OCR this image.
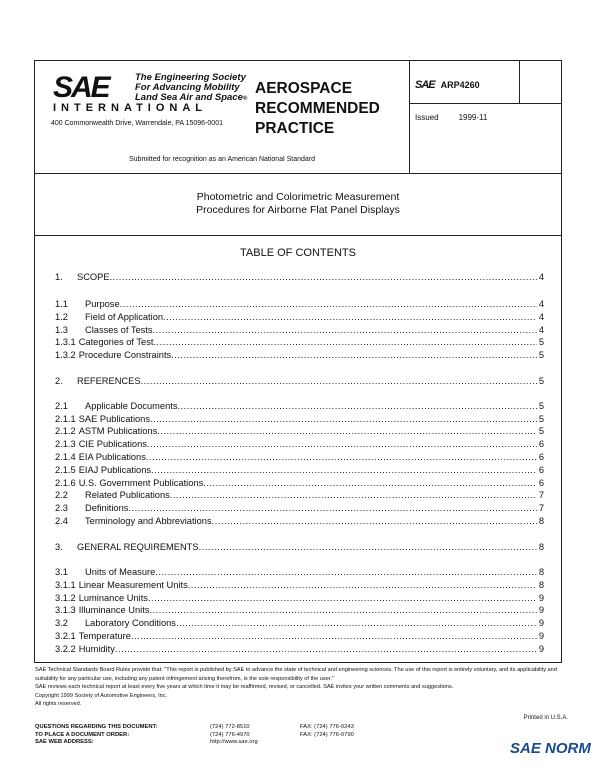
SAE	The Engineering Society
For Advancing Mobility
Land Sea Air and Space®
INTERNATIONAL
400 Commonwealth Drive, Warrendale, PA 15096-0001
AEROSPACE
RECOMMENDED
PRACTICE
Submitted for recognition as an American National Standard
SAE ARP4260
Issued	1999-11
Photometric and Colorimetric Measurement
Procedures for Airborne Flat Panel Displays
TABLE OF CONTENTS
1. SCOPE .....	4
1.1 Purpose .....	4
1.2 Field of Application .....	4
1.3 Classes of Tests .....	4
1.3.1 Categories of Test .....	5
1.3.2 Procedure Constraints .....	5
2. REFERENCES .....	5
2.1 Applicable Documents .....	5
2.1.1 SAE Publications .....	5
2.1.2 ASTM Publications .....	5
2.1.3 CIE Publications .....	6
2.1.4 EIA Publications .....	6
2.1.5 EIAJ Publications .....	6
2.1.6 U.S. Government Publications .....	6
2.2 Related Publications .....	7
2.3 Definitions .....	7
2.4 Terminology and Abbreviations .....	8
3. GENERAL REQUIREMENTS .....	8
3.1 Units of Measure .....	8
3.1.1 Linear Measurement Units .....	8
3.1.2 Luminance Units .....	9
3.1.3 Illuminance Units .....	9
3.2 Laboratory Conditions .....	9
3.2.1 Temperature .....	9
3.2.2 Humidity .....	9

SAE Technical Standards Board Rules provide that: "This report is published by SAE to advance the state of technical and engineering sciences. The use of this report is entirely voluntary, and its applicability and suitability for any particular use, including any patent infringement arising therefrom, is the sole responsibility of the user."

SAE reviews each technical report at least every five years at which time it may be reaffirmed, revised, or cancelled. SAE invites your written comments and suggestions.

Copyright 1999 Society of Automotive Engineers, Inc.

All rights reserved.

Printed in U.S.A.
QUESTIONS REGARDING THIS DOCUMENT:	(724) 772-8510	FAX: (724) 776-0243
TO PLACE A DOCUMENT ORDER:	(724) 776-4970	FAX: (724) 776-0790
SAE WEB ADDRESS:	http://www.sae.org	SAE NORM
